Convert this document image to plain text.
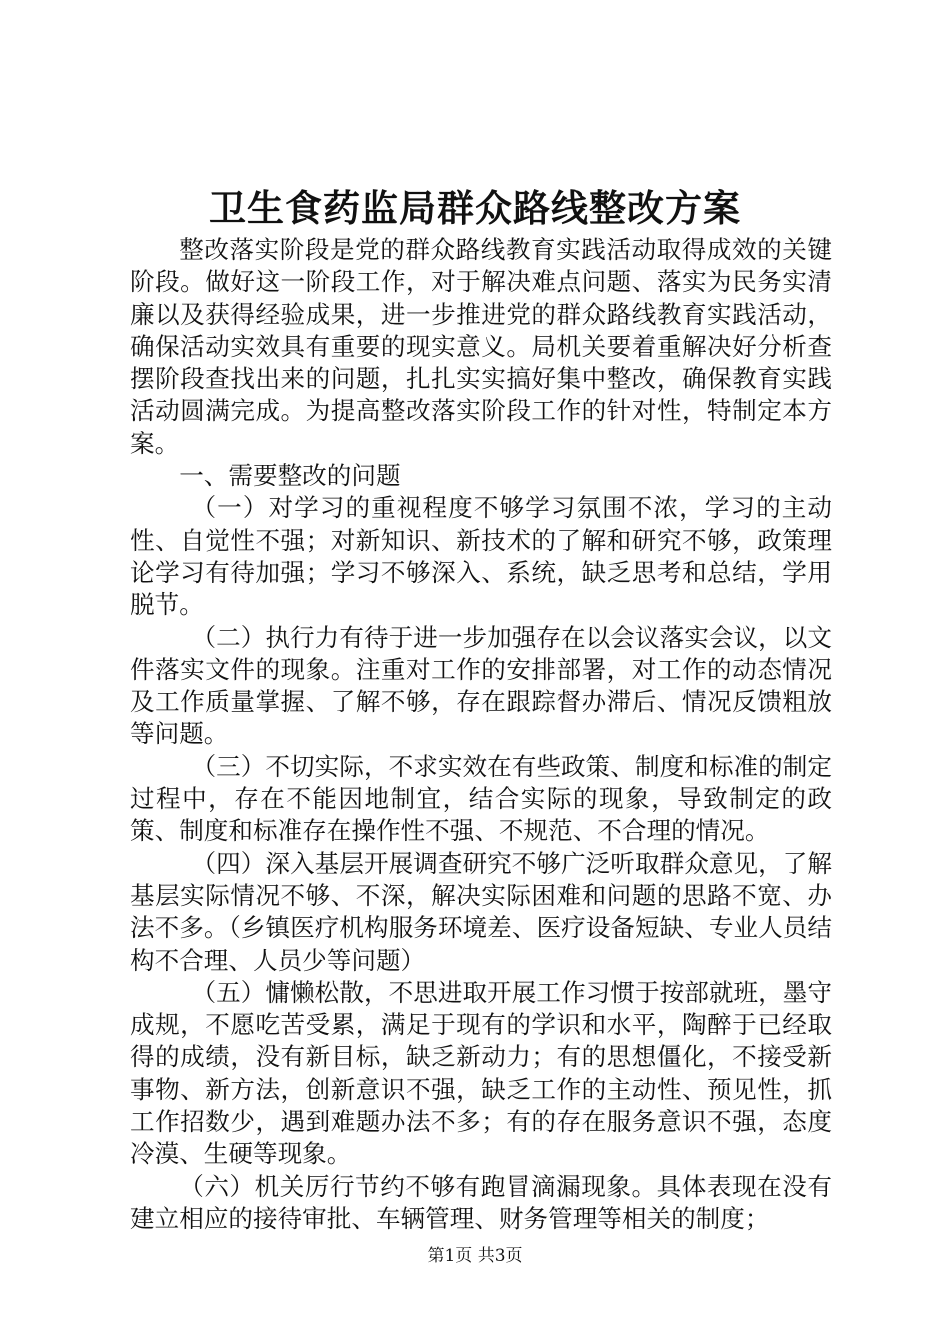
卫生食药监局群众路线整改方案

整改落实阶段是党的群众路线教育实践活动取得成效的关键阶段。做好这一阶段工作，对于解决难点问题、落实为民务实清廉以及获得经验成果，进一步推进党的群众路线教育实践活动，确保活动实效具有重要的现实意义。局机关要着重解决好分析查摆阶段查找出来的问题，扎扎实实搞好集中整改，确保教育实践活动圆满完成。为提高整改落实阶段工作的针对性，特制定本方案。

一、需要整改的问题

（一）对学习的重视程度不够学习氛围不浓，学习的主动性、自觉性不强；对新知识、新技术的了解和研究不够，政策理论学习有待加强；学习不够深入、系统，缺乏思考和总结，学用脱节。

（二）执行力有待于进一步加强存在以会议落实会议，以文件落实文件的现象。注重对工作的安排部署，对工作的动态情况及工作质量掌握、了解不够，存在跟踪督办滞后、情况反馈粗放等问题。

（三）不切实际，不求实效在有些政策、制度和标准的制定过程中，存在不能因地制宜，结合实际的现象，导致制定的政策、制度和标准存在操作性不强、不规范、不合理的情况。

（四）深入基层开展调查研究不够广泛听取群众意见，了解基层实际情况不够、不深，解决实际困难和问题的思路不宽、办法不多。（乡镇医疗机构服务环境差、医疗设备短缺、专业人员结构不合理、人员少等问题）

（五）慵懒松散，不思进取开展工作习惯于按部就班，墨守成规，不愿吃苦受累，满足于现有的学识和水平，陶醉于已经取得的成绩，没有新目标，缺乏新动力；有的思想僵化，不接受新事物、新方法，创新意识不强，缺乏工作的主动性、预见性，抓工作招数少，遇到难题办法不多；有的存在服务意识不强，态度冷漠、生硬等现象。

（六）机关厉行节约不够有跑冒滴漏现象。具体表现在没有建立相应的接待审批、车辆管理、财务管理等相关的制度；

第1页 共3页
